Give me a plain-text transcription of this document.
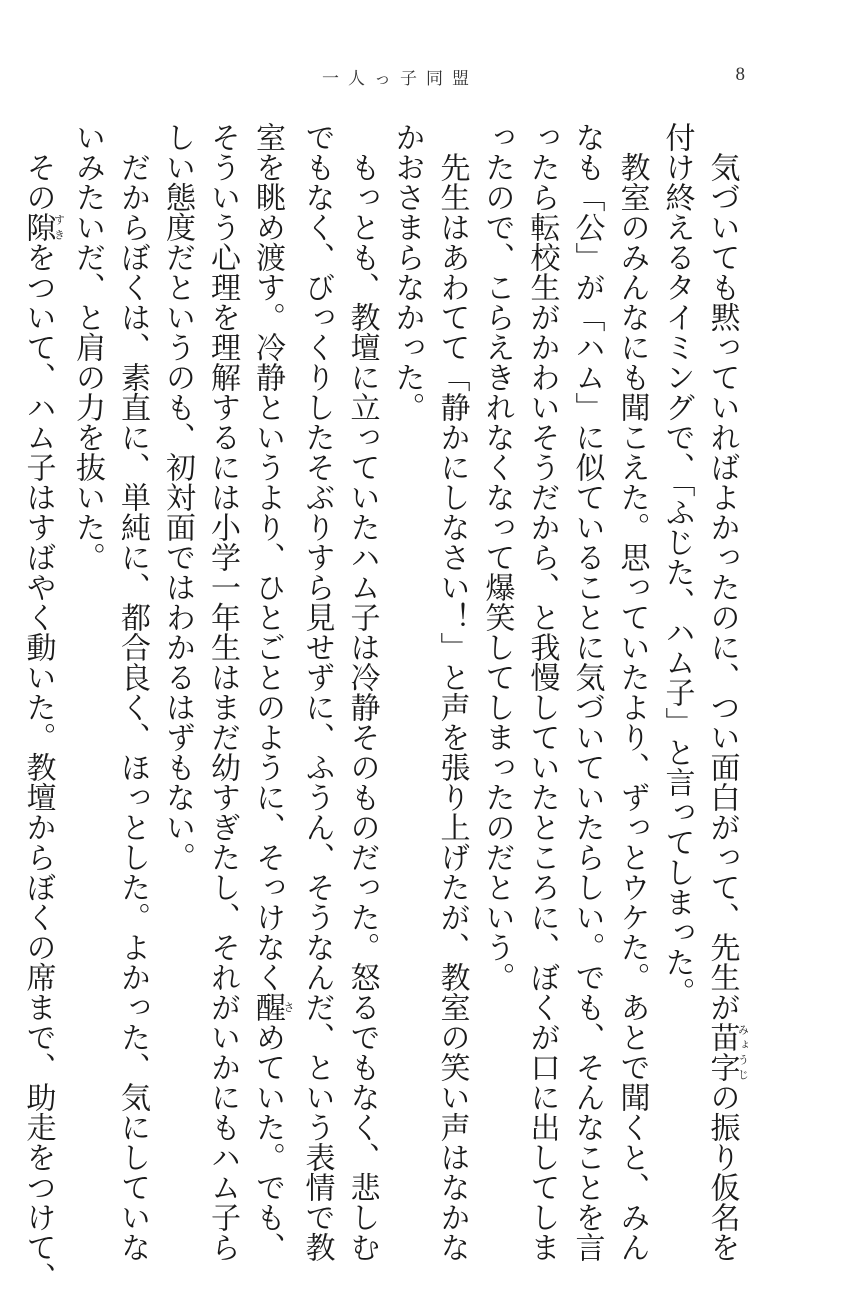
一人っ子同盟	8
　気づいても黙っていればよかったのに、つい面白がって、先生が苗字みょうじの振り仮名を
付け終えるタイミングで、「ふじた、ハム子」と言ってしまった。
　教室のみんなにも聞こえた。思っていたより、ずっとウケた。あとで聞くと、みん
なも「公」が「ハム」に似ていることに気づいていたらしい。でも、そんなことを言
ったら転校生がかわいそうだから、と我慢していたところに、ぼくが口に出してしま
ったので、こらえきれなくなって爆笑してしまったのだという。
　先生はあわてて「静かにしなさい！」と声を張り上げたが、教室の笑い声はなかな
かおさまらなかった。
　もっとも、教壇に立っていたハム子は冷静そのものだった。怒るでもなく、悲しむ
でもなく、びっくりしたそぶりすら見せずに、ふうん、そうなんだ、という表情で教
室を眺め渡す。冷静というより、ひとごとのように、そっけなく醒さめていた。でも、
そういう心理を理解するには小学一年生はまだ幼すぎたし、それがいかにもハム子ら
しい態度だというのも、初対面ではわかるはずもない。
　だからぼくは、素直に、単純に、都合良く、ほっとした。よかった、気にしていな
いみたいだ、と肩の力を抜いた。
　その隙すきをついて、ハム子はすばやく動いた。教壇からぼくの席まで、助走をつけて、
